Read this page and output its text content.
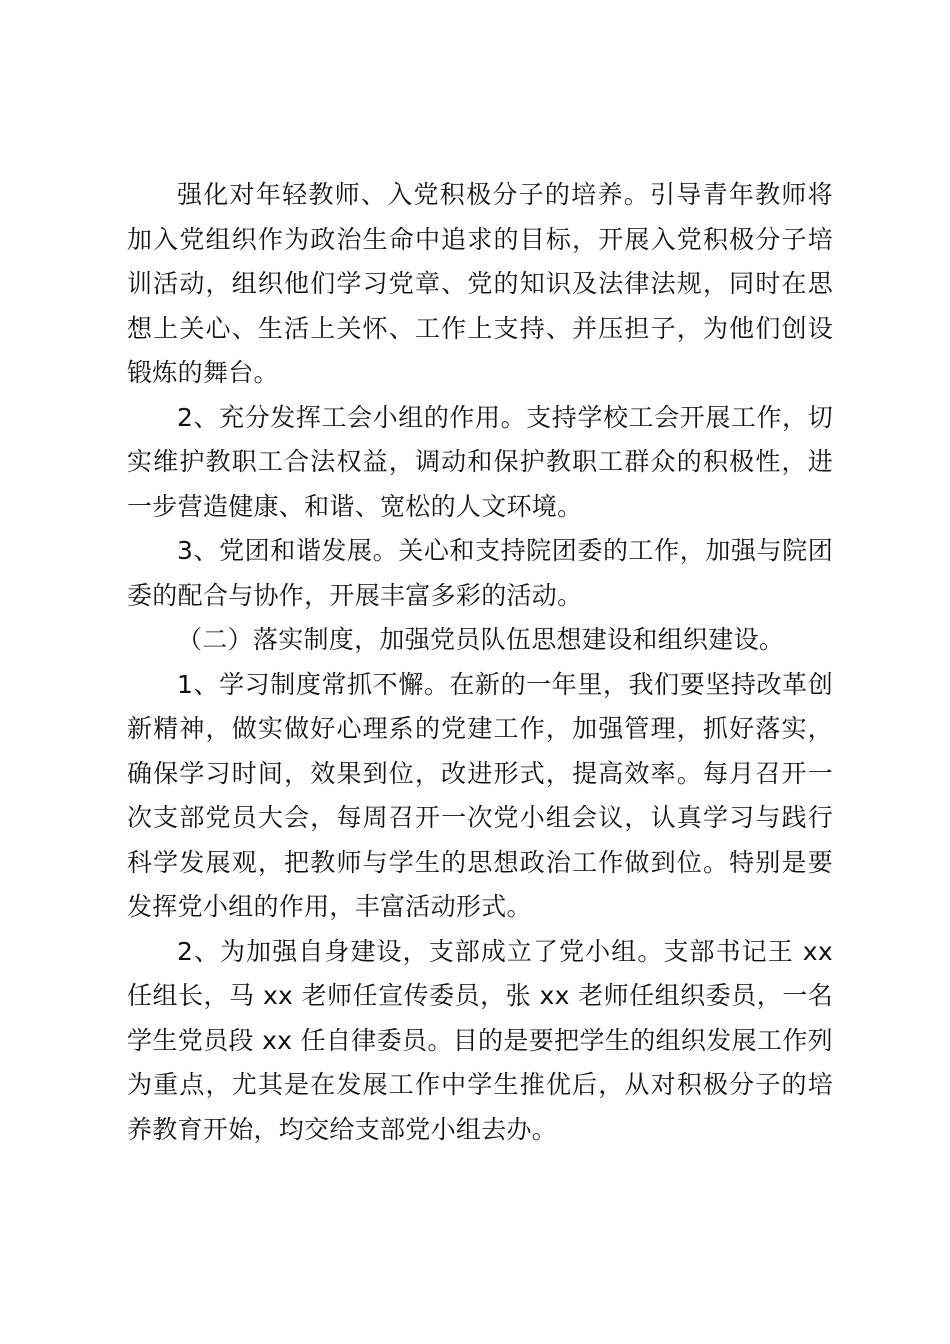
强化对年轻教师、入党积极分子的培养。引导青年教师将加入党组织作为政治生命中追求的目标，开展入党积极分子培训活动，组织他们学习党章、党的知识及法律法规，同时在思想上关心、生活上关怀、工作上支持、并压担子，为他们创设锻炼的舞台。

2、充分发挥工会小组的作用。支持学校工会开展工作，切实维护教职工合法权益，调动和保护教职工群众的积极性，进一步营造健康、和谐、宽松的人文环境。

3、党团和谐发展。关心和支持院团委的工作，加强与院团委的配合与协作，开展丰富多彩的活动。

（二）落实制度，加强党员队伍思想建设和组织建设。

1、学习制度常抓不懈。在新的一年里，我们要坚持改革创新精神，做实做好心理系的党建工作，加强管理，抓好落实，确保学习时间，效果到位，改进形式，提高效率。每月召开一次支部党员大会，每周召开一次党小组会议，认真学习与践行科学发展观，把教师与学生的思想政治工作做到位。特别是要发挥党小组的作用，丰富活动形式。

2、为加强自身建设，支部成立了党小组。支部书记王 xx 任组长，马 xx 老师任宣传委员，张 xx 老师任组织委员，一名学生党员段 xx 任自律委员。目的是要把学生的组织发展工作列为重点，尤其是在发展工作中学生推优后，从对积极分子的培养教育开始，均交给支部党小组去办。
